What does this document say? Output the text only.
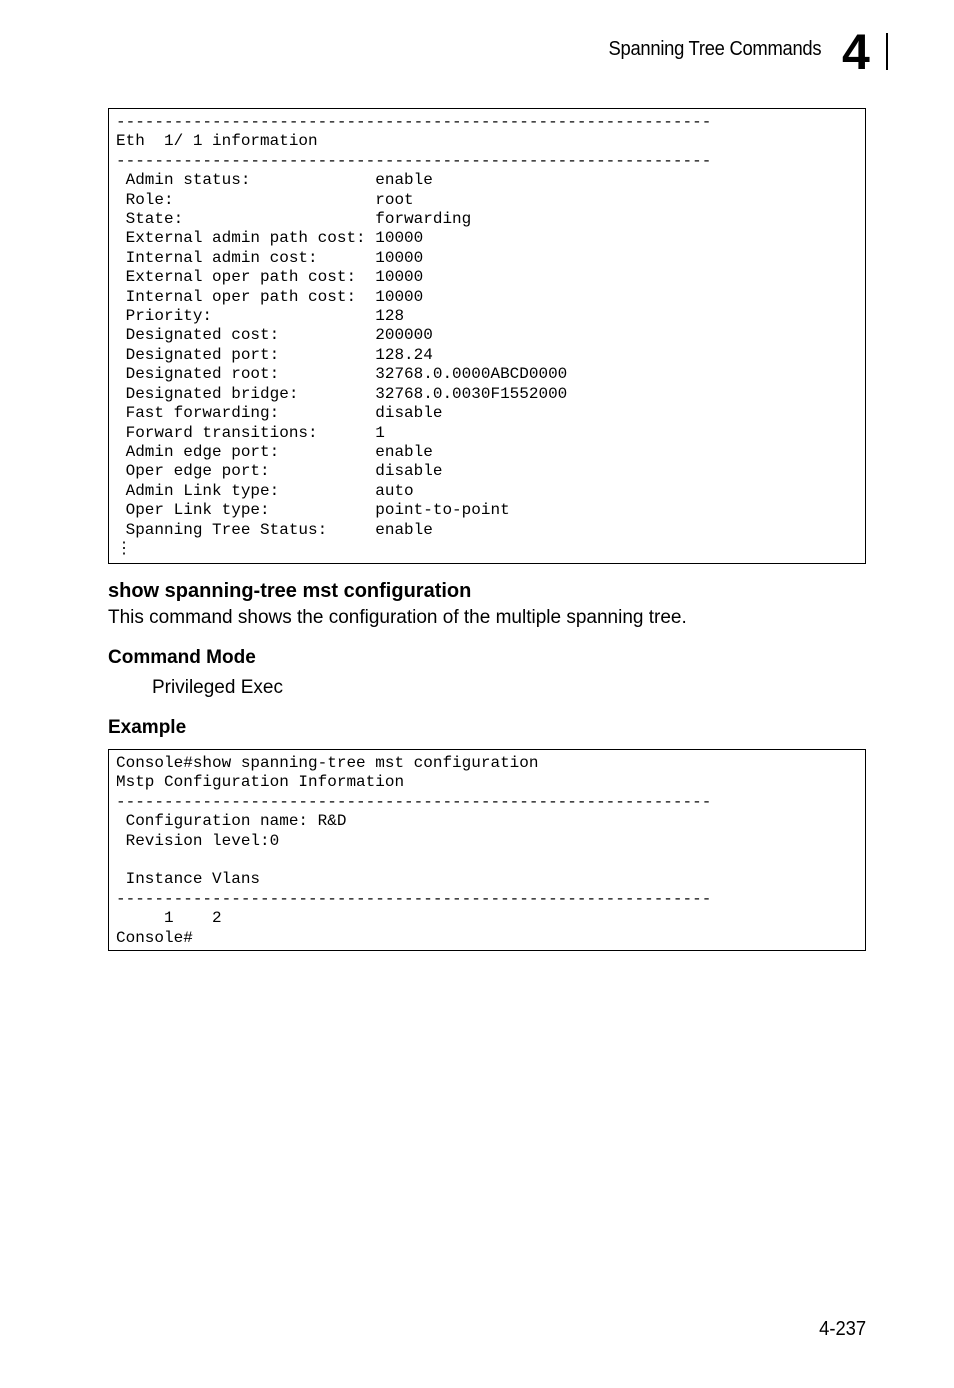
Spanning Tree Commands 4
--------------------------------------------------------------
Eth  1/ 1 information
--------------------------------------------------------------
Admin status:             enable
Role:                     root
State:                    forwarding
External admin path cost: 10000
Internal admin cost:      10000
External oper path cost:  10000
Internal oper path cost:  10000
Priority:                 128
Designated cost:          200000
Designated port:          128.24
Designated root:          32768.0.0000ABCD0000
Designated bridge:        32768.0.0030F1552000
Fast forwarding:          disable
Forward transitions:      1
Admin edge port:          enable
Oper edge port:           disable
Admin Link type:          auto
Oper Link type:           point-to-point
Spanning Tree Status:     enable
⋮
show spanning-tree mst configuration
This command shows the configuration of the multiple spanning tree.
Command Mode
Privileged Exec
Example
Console#show spanning-tree mst configuration
Mstp Configuration Information
--------------------------------------------------------------
Configuration name: R&D
Revision level:0

Instance Vlans
--------------------------------------------------------------
1    2
Console#
4-237
